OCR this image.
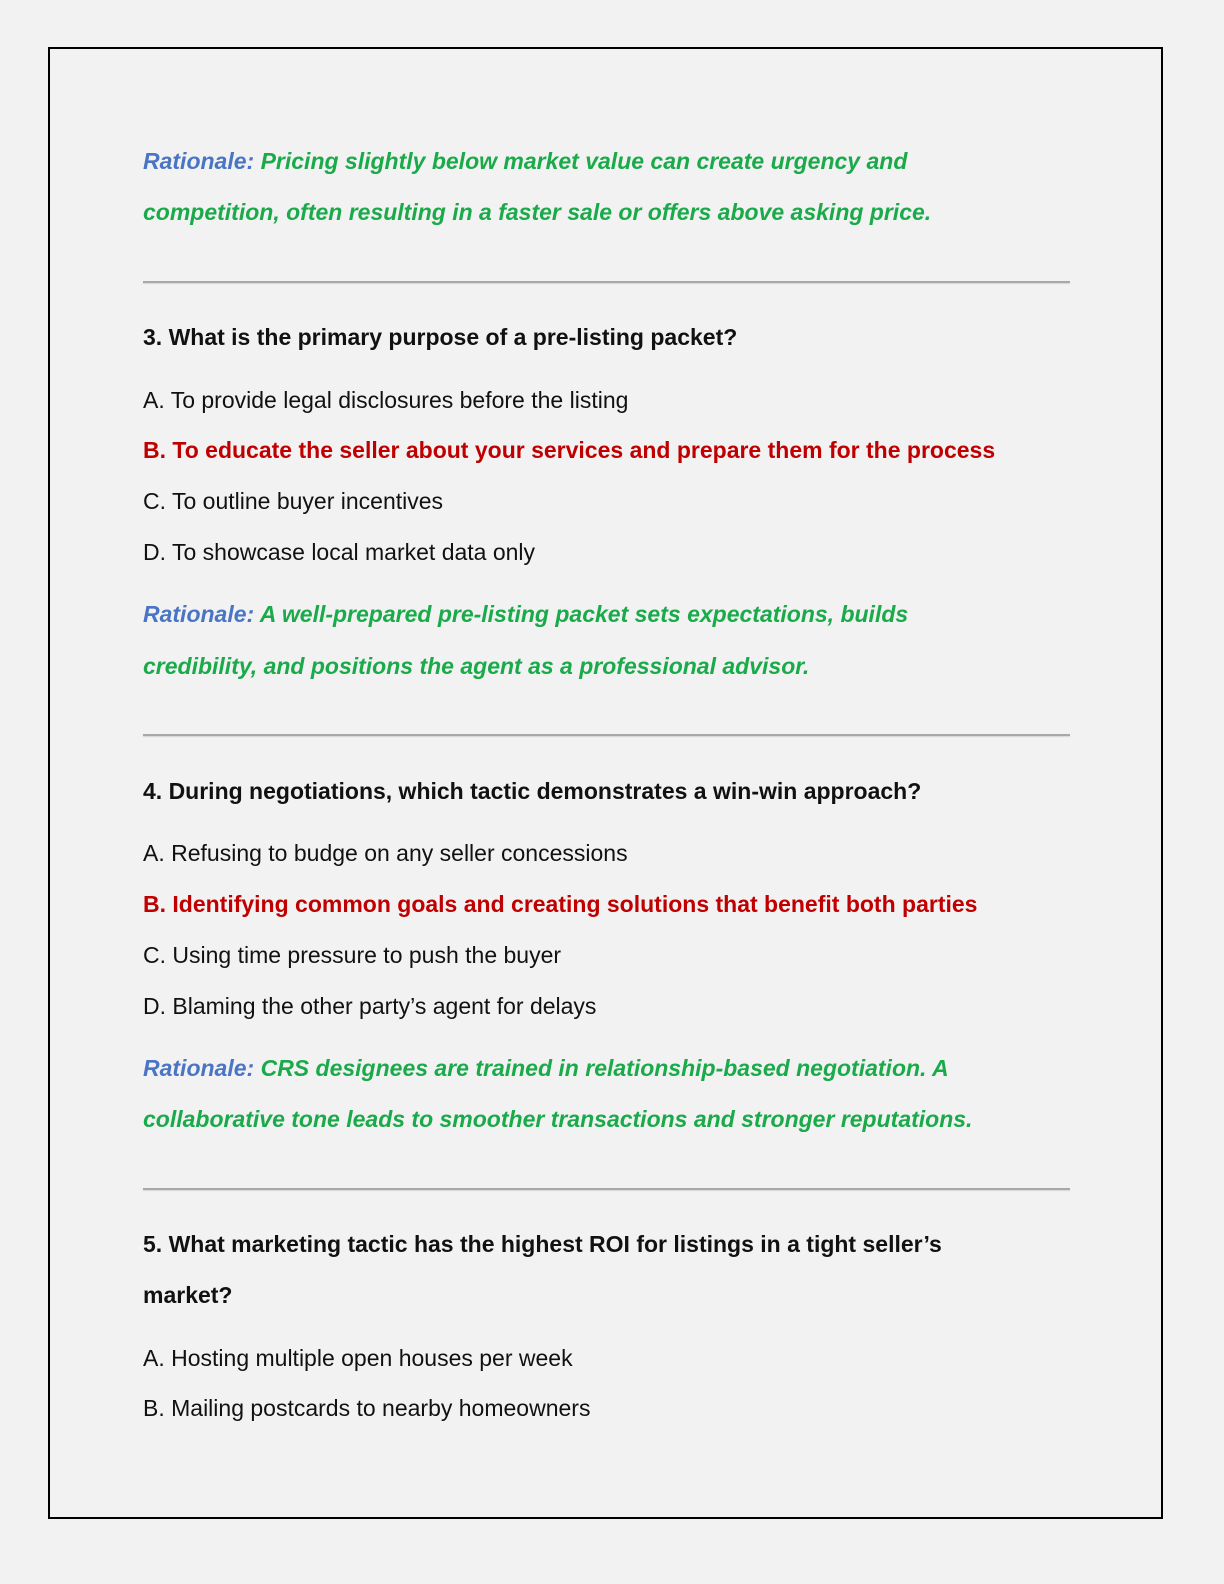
Rationale: Pricing slightly below market value can create urgency and
competition, often resulting in a faster sale or offers above asking price.
3. What is the primary purpose of a pre-listing packet?
A. To provide legal disclosures before the listing
B. To educate the seller about your services and prepare them for the process
C. To outline buyer incentives
D. To showcase local market data only
Rationale: A well-prepared pre-listing packet sets expectations, builds
credibility, and positions the agent as a professional advisor.
4. During negotiations, which tactic demonstrates a win-win approach?
A. Refusing to budge on any seller concessions
B. Identifying common goals and creating solutions that benefit both parties
C. Using time pressure to push the buyer
D. Blaming the other party’s agent for delays
Rationale: CRS designees are trained in relationship-based negotiation. A
collaborative tone leads to smoother transactions and stronger reputations.
5. What marketing tactic has the highest ROI for listings in a tight seller’s
market?
A. Hosting multiple open houses per week
B. Mailing postcards to nearby homeowners
